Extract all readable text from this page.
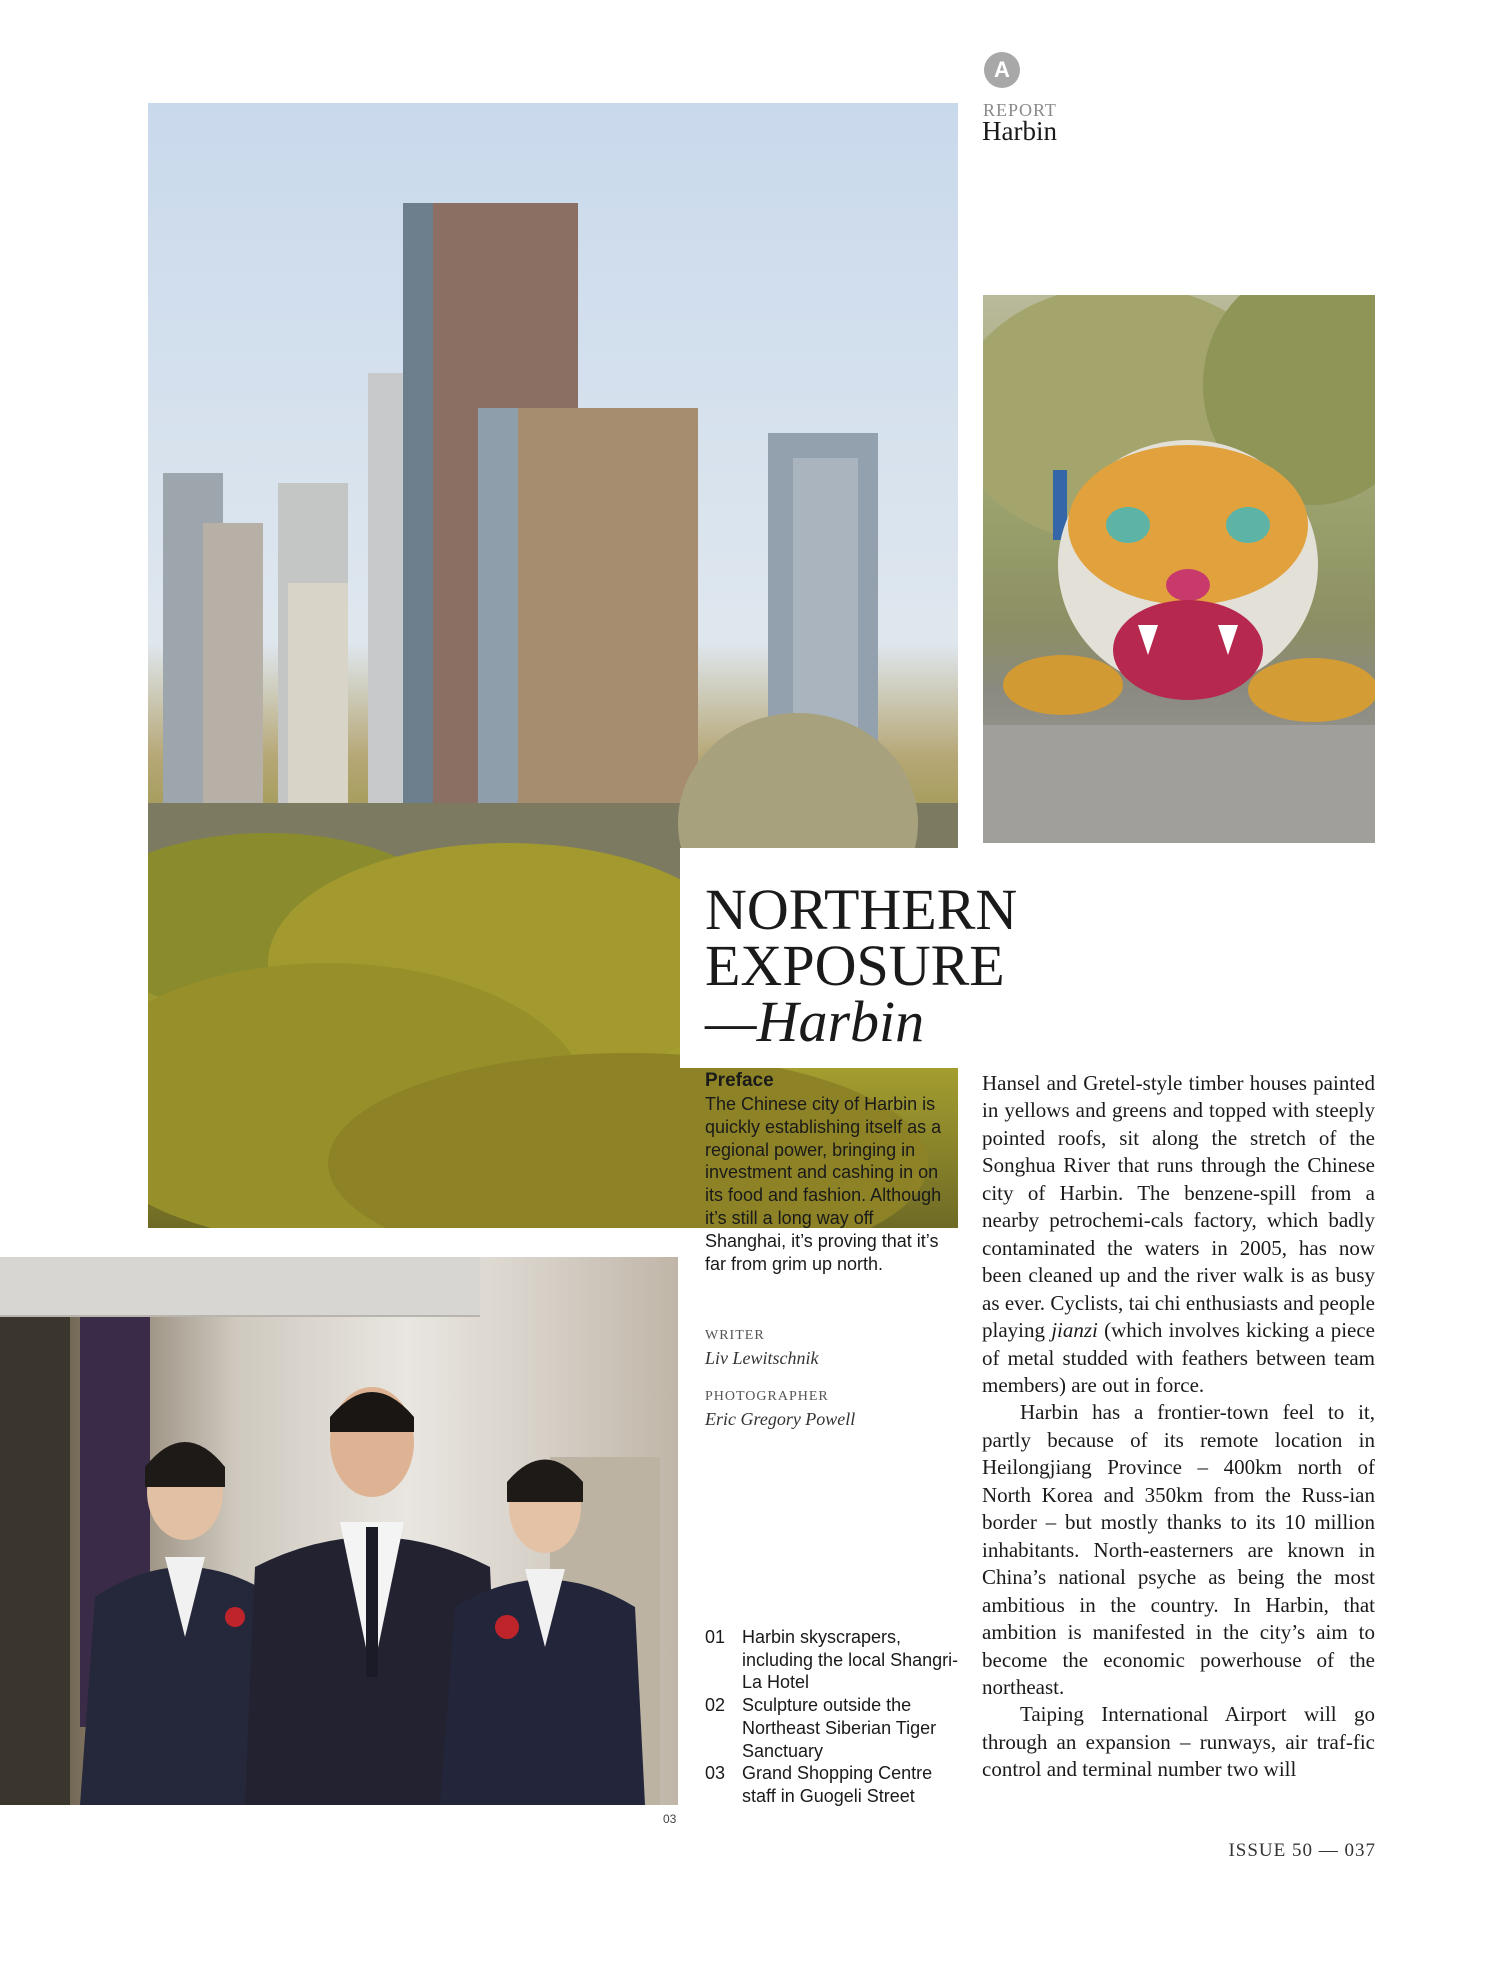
A
REPORT
Harbin
03
NORTHERN
EXPOSURE
—Harbin
Preface
The Chinese city of Harbin is quickly establishing itself as a regional power, bringing in investment and cashing in on its food and fashion. Although it’s still a long way off Shanghai, it’s proving that it’s far from grim up north.
WRITER
Liv Lewitschnik
PHOTOGRAPHER
Eric Gregory Powell
01 Harbin skyscrapers, including the local Shangri-La Hotel
02 Sculpture outside the Northeast Siberian Tiger Sanctuary
03 Grand Shopping Centre staff in Guogeli Street

Hansel and Gretel-style timber houses painted in yellows and greens and topped with steeply pointed roofs, sit along the stretch of the Songhua River that runs through the Chinese city of Harbin. The benzene-spill from a nearby petrochemi-cals factory, which badly contaminated the waters in 2005, has now been cleaned up and the river walk is as busy as ever. Cyclists, tai chi enthusiasts and people playing jianzi (which involves kicking a piece of metal studded with feathers between team members) are out in force.

Harbin has a frontier-town feel to it, partly because of its remote location in Heilongjiang Province – 400km north of North Korea and 350km from the Russ-ian border – but mostly thanks to its 10 million inhabitants. North-easterners are known in China’s national psyche as being the most ambitious in the country. In Harbin, that ambition is manifested in the city’s aim to become the economic powerhouse of the northeast.

Taiping International Airport will go through an expansion – runways, air traf-fic control and terminal number two will

ISSUE 50 — 037
